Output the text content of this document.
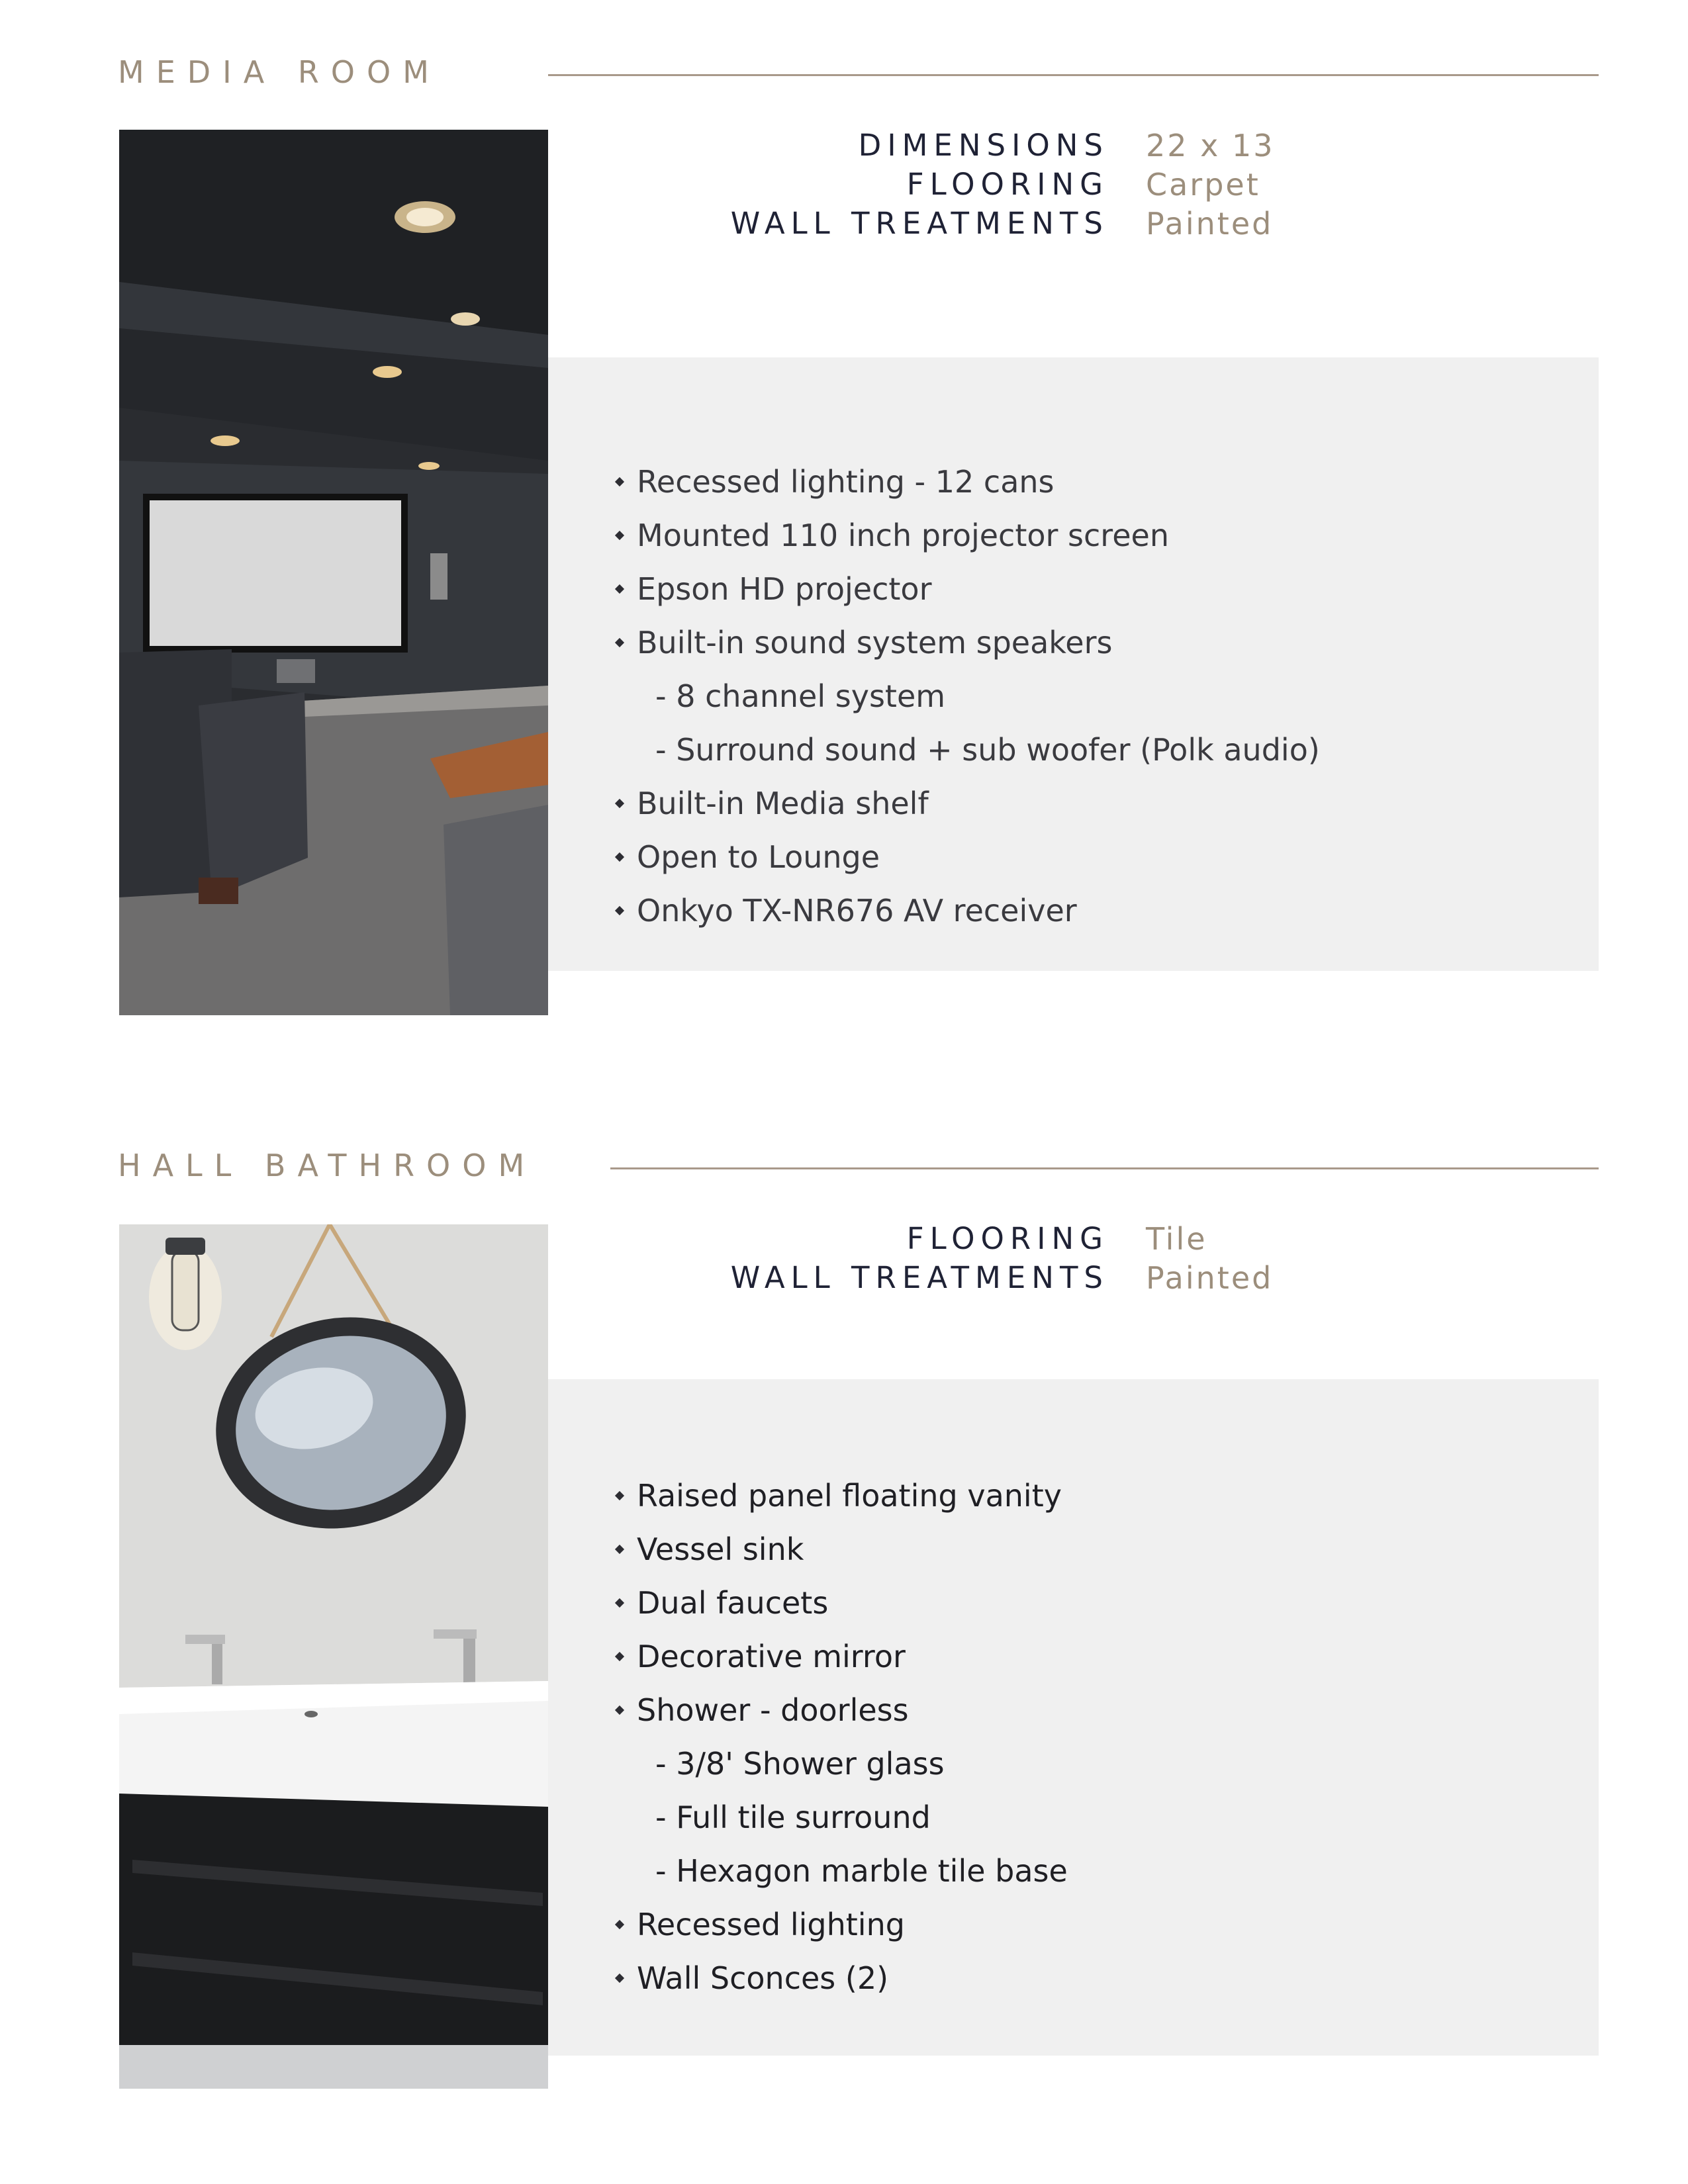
MEDIA ROOM
DIMENSIONS 22 x 13
FLOORING Carpet
WALL TREATMENTS Painted
Recessed lighting - 12 cans
Mounted 110 inch projector screen
Epson HD projector
Built-in sound system speakers
- 8 channel system
- Surround sound + sub woofer (Polk audio)
Built-in Media shelf
Open to Lounge
Onkyo TX-NR676 AV receiver
HALL BATHROOM
FLOORING Tile
WALL TREATMENTS Painted
Raised panel floating vanity
Vessel sink
Dual faucets
Decorative mirror
Shower - doorless
- 3/8' Shower glass
- Full tile surround
- Hexagon marble tile base
Recessed lighting
Wall Sconces (2)
